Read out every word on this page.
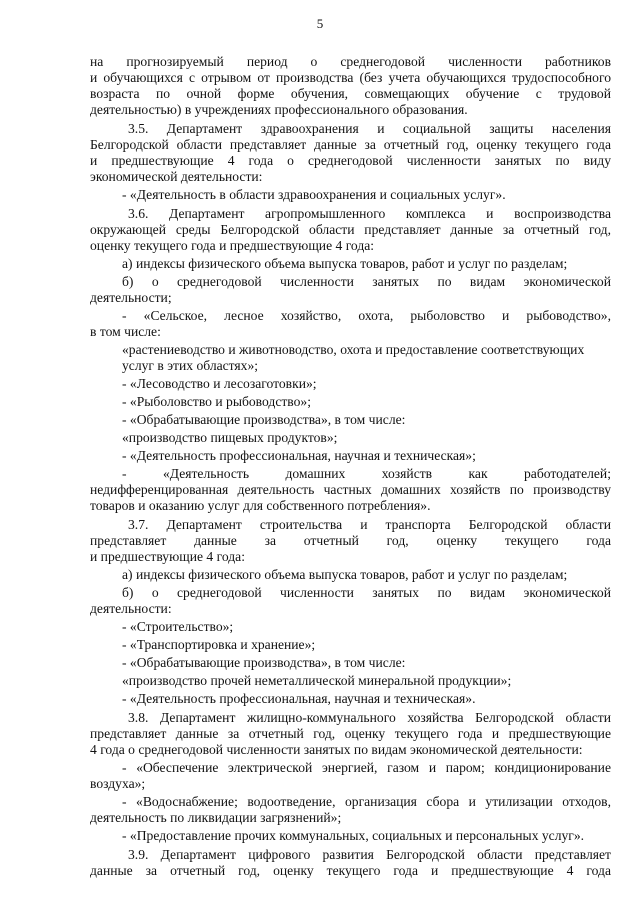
5
на прогнозируемый период о среднегодовой численности работников
и обучающихся с отрывом от производства (без учета обучающихся трудоспособного
возраста по очной форме обучения, совмещающих обучение с трудовой
деятельностью) в учреждениях профессионального образования.
3.5. Департамент здравоохранения и социальной защиты населения
Белгородской области представляет данные за отчетный год, оценку текущего года
и предшествующие 4 года о среднегодовой численности занятых по виду
экономической деятельности:
- «Деятельность в области здравоохранения и социальных услуг».
3.6. Департамент агропромышленного комплекса и воспроизводства
окружающей среды Белгородской области представляет данные за отчетный год,
оценку текущего года и предшествующие 4 года:
а) индексы физического объема выпуска товаров, работ и услуг по разделам;
б) о среднегодовой численности занятых по видам экономической
деятельности;
- «Сельское, лесное хозяйство, охота, рыболовство и рыбоводство»,
в том числе:
«растениеводство и животноводство, охота и предоставление соответствующих
услуг в этих областях»;
- «Лесоводство и лесозаготовки»;
- «Рыболовство и рыбоводство»;
- «Обрабатывающие производства», в том числе:
«производство пищевых продуктов»;
- «Деятельность профессиональная, научная и техническая»;
- «Деятельность домашних хозяйств как работодателей;
недифференцированная деятельность частных домашних хозяйств по производству
товаров и оказанию услуг для собственного потребления».
3.7. Департамент строительства и транспорта Белгородской области
представляет данные за отчетный год, оценку текущего года
и предшествующие 4 года:
а) индексы физического объема выпуска товаров, работ и услуг по разделам;
б) о среднегодовой численности занятых по видам экономической
деятельности:
- «Строительство»;
- «Транспортировка и хранение»;
- «Обрабатывающие производства», в том числе:
«производство прочей неметаллической минеральной продукции»;
- «Деятельность профессиональная, научная и техническая».
3.8. Департамент жилищно-коммунального хозяйства Белгородской области
представляет данные за отчетный год, оценку текущего года и предшествующие
4 года о среднегодовой численности занятых по видам экономической деятельности:
- «Обеспечение электрической энергией, газом и паром; кондиционирование
воздуха»;
- «Водоснабжение; водоотведение, организация сбора и утилизации отходов,
деятельность по ликвидации загрязнений»;
- «Предоставление прочих коммунальных, социальных и персональных услуг».
3.9. Департамент цифрового развития Белгородской области представляет
данные за отчетный год, оценку текущего года и предшествующие 4 года
